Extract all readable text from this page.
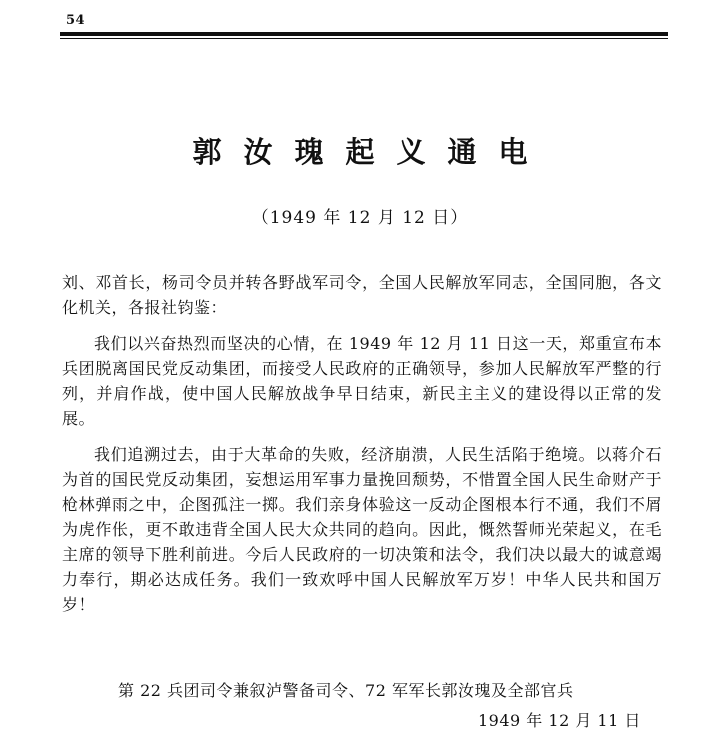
54
郭汝瑰起义通电
（1949 年 12 月 12 日）

刘、邓首长，杨司令员并转各野战军司令，全国人民解放军同志，全国同胞，各文化机关，各报社钧鉴：

我们以兴奋热烈而坚决的心情，在 1949 年 12 月 11 日这一天，郑重宣布本兵团脱离国民党反动集团，而接受人民政府的正确领导，参加人民解放军严整的行列，并肩作战，使中国人民解放战争早日结束，新民主主义的建设得以正常的发展。

我们追溯过去，由于大革命的失败，经济崩溃，人民生活陷于绝境。以蒋介石为首的国民党反动集团，妄想运用军事力量挽回颓势，不惜置全国人民生命财产于枪林弹雨之中，企图孤注一掷。我们亲身体验这一反动企图根本行不通，我们不屑为虎作伥，更不敢违背全国人民大众共同的趋向。因此，慨然誓师光荣起义，在毛主席的领导下胜利前进。今后人民政府的一切决策和法令，我们决以最大的诚意竭力奉行，期必达成任务。我们一致欢呼中国人民解放军万岁！中华人民共和国万岁！

第 22 兵团司令兼叙泸警备司令、72 军军长郭汝瑰及全部官兵
1949 年 12 月 11 日
